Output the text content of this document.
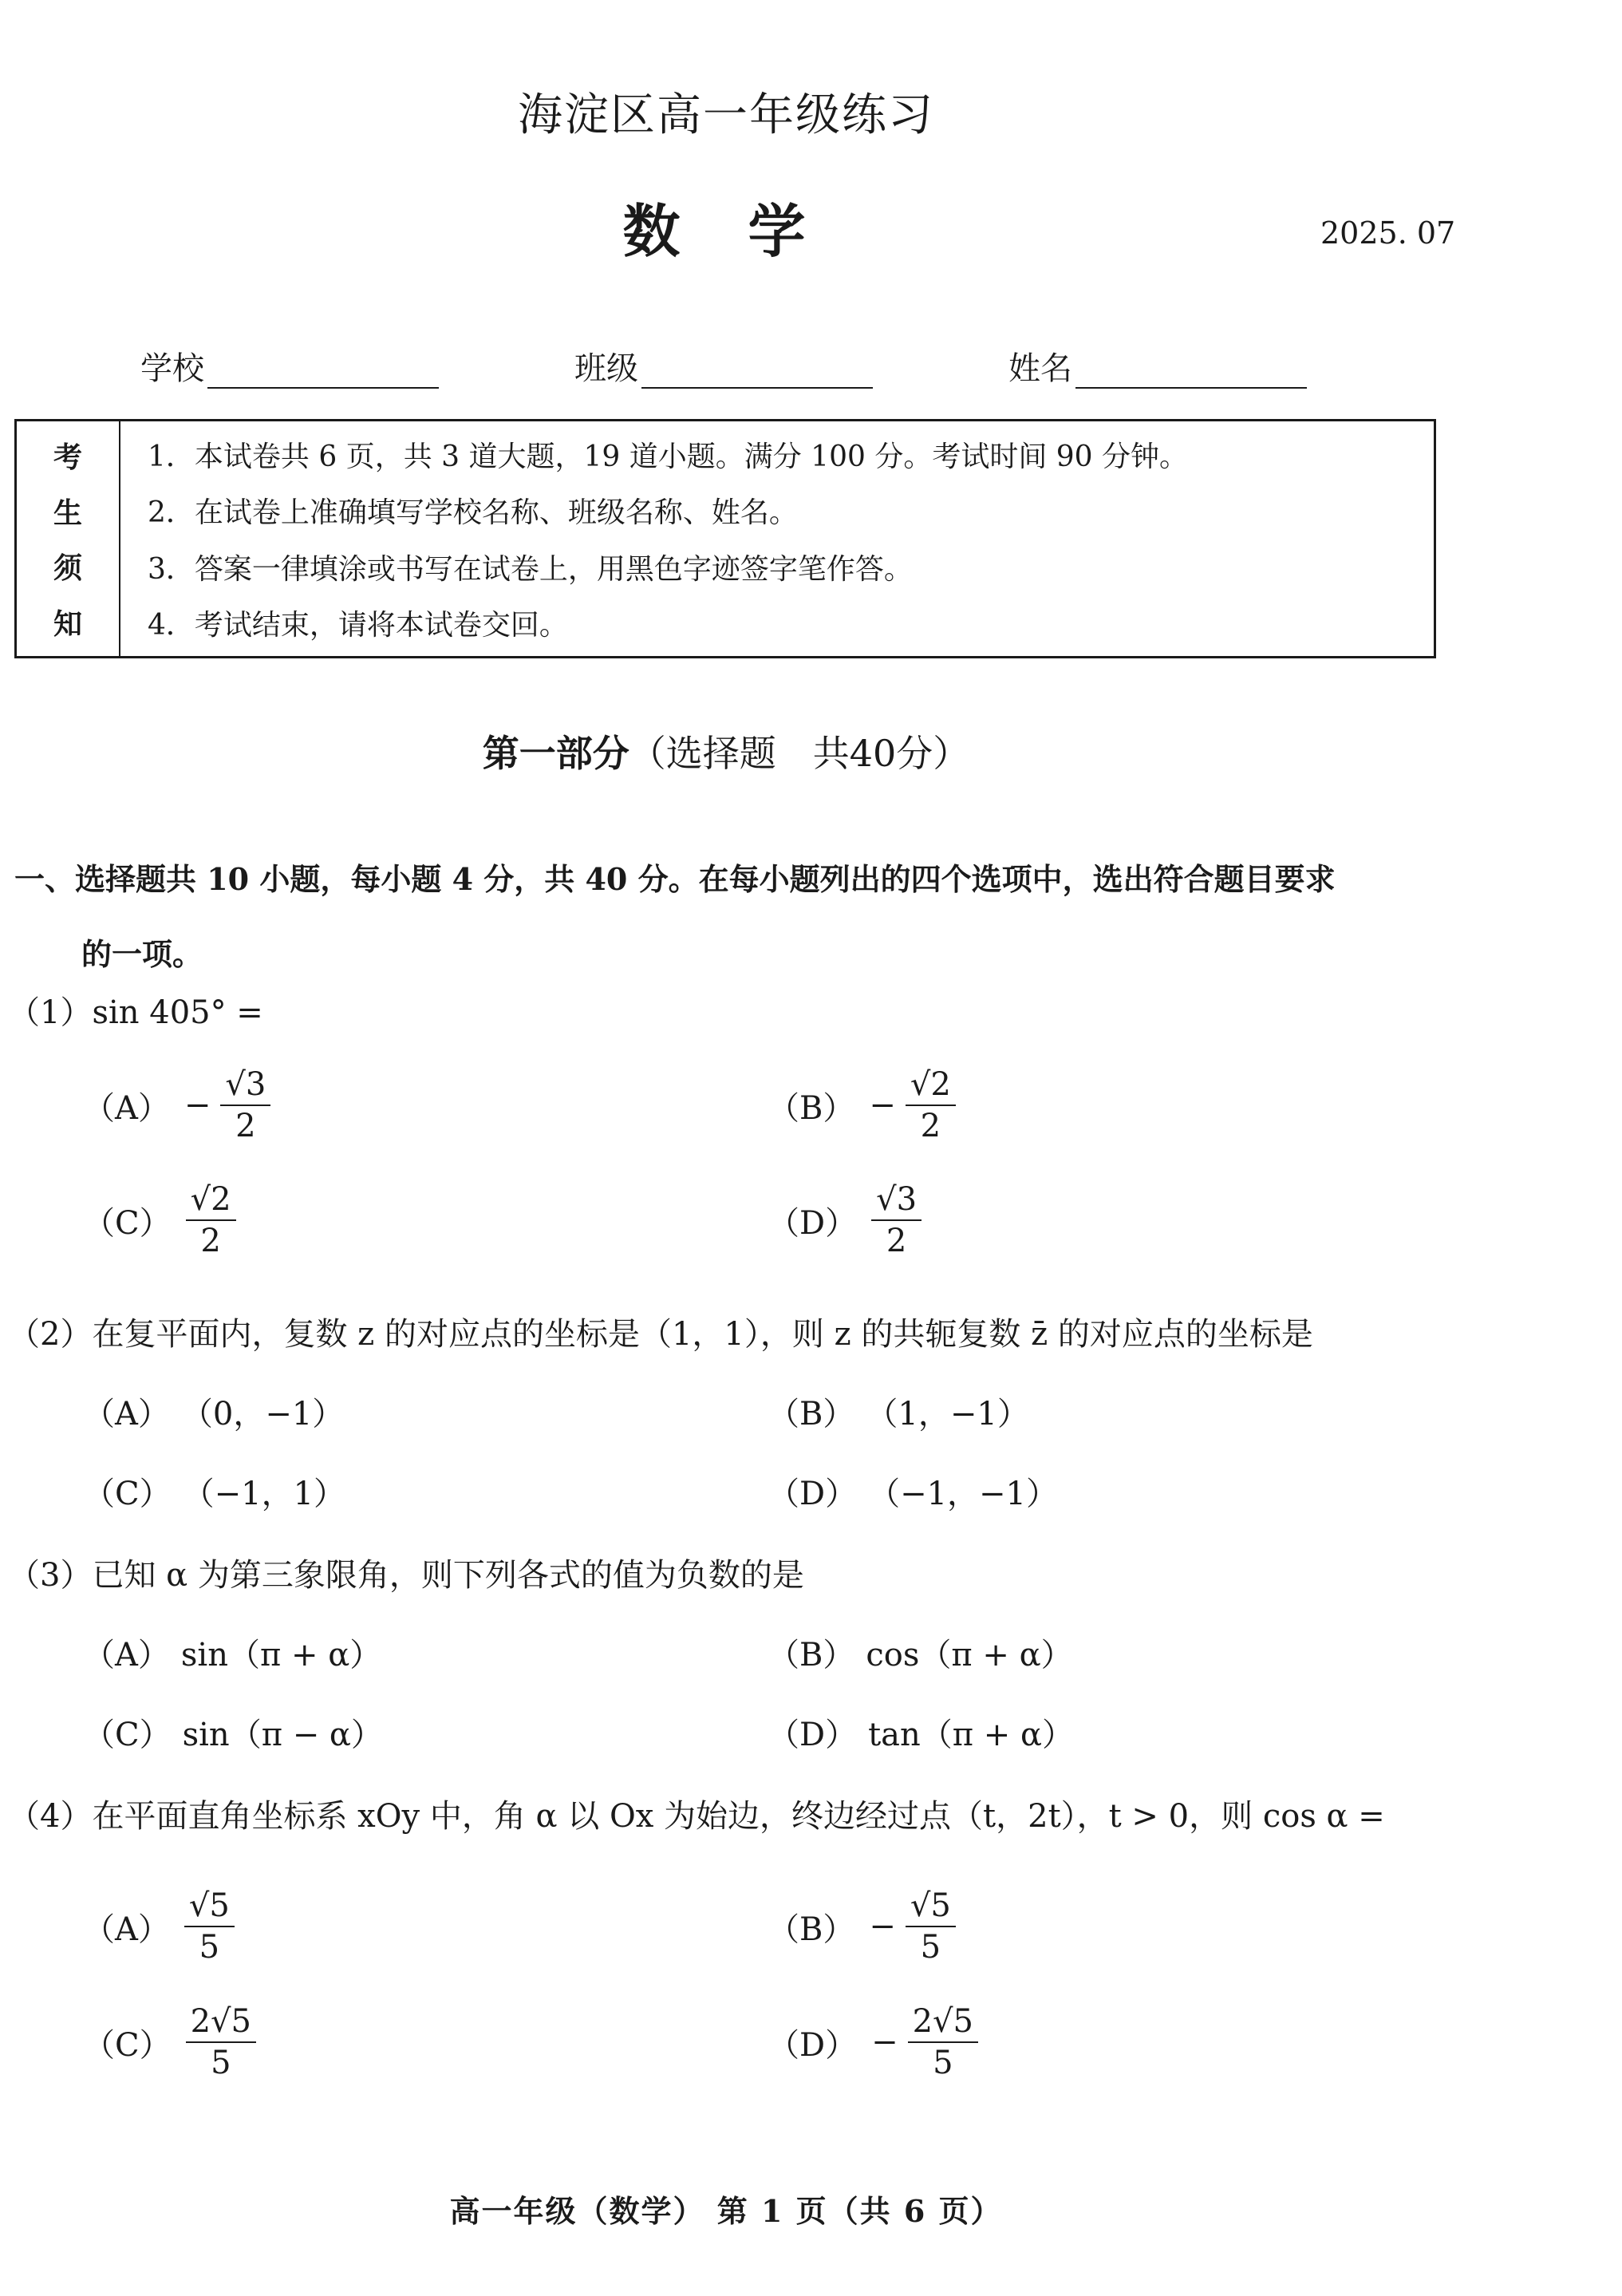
海淀区高一年级练习
数 学	2025. 07
学校	班级	姓名
考
生
须
知
1．本试卷共 6 页，共 3 道大题，19 道小题。满分 100 分。考试时间 90 分钟。
2．在试卷上准确填写学校名称、班级名称、姓名。
3．答案一律填涂或书写在试卷上，用黑色字迹签字笔作答。
4．考试结束，请将本试卷交回。
第一部分（选择题　共40分）
一、选择题共 10 小题，每小题 4 分，共 40 分。在每小题列出的四个选项中，选出符合题目要求
的一项。
（1）sin 405° =
$(A) - \frac{√3}{2}$	$(B) - \frac{√2}{2}$
$(C) \frac{√2}{2}$	$(D) \frac{√3}{2}$
（2）在复平面内，复数 z 的对应点的坐标是（1，1），则 z 的共轭复数 z̄ 的对应点的坐标是
（A） （0，−1）	（B） （1，−1）
（C） （−1，1）	（D） （−1，−1）
（3）已知 α 为第三象限角，则下列各式的值为负数的是
（A） sin（π + α）	（B） cos（π + α）
（C） sin（π − α）	（D） tan（π + α）
（4）在平面直角坐标系 xOy 中，角 α 以 Ox 为始边，终边经过点（t，2t），t > 0，则 cos α =
$(A) \frac{√5}{5}$	$(B) - \frac{√5}{5}$
$(C) \frac{2√5}{5}$	$(D) - \frac{2√5}{5}$
高一年级（数学） 第 1 页（共 6 页）
